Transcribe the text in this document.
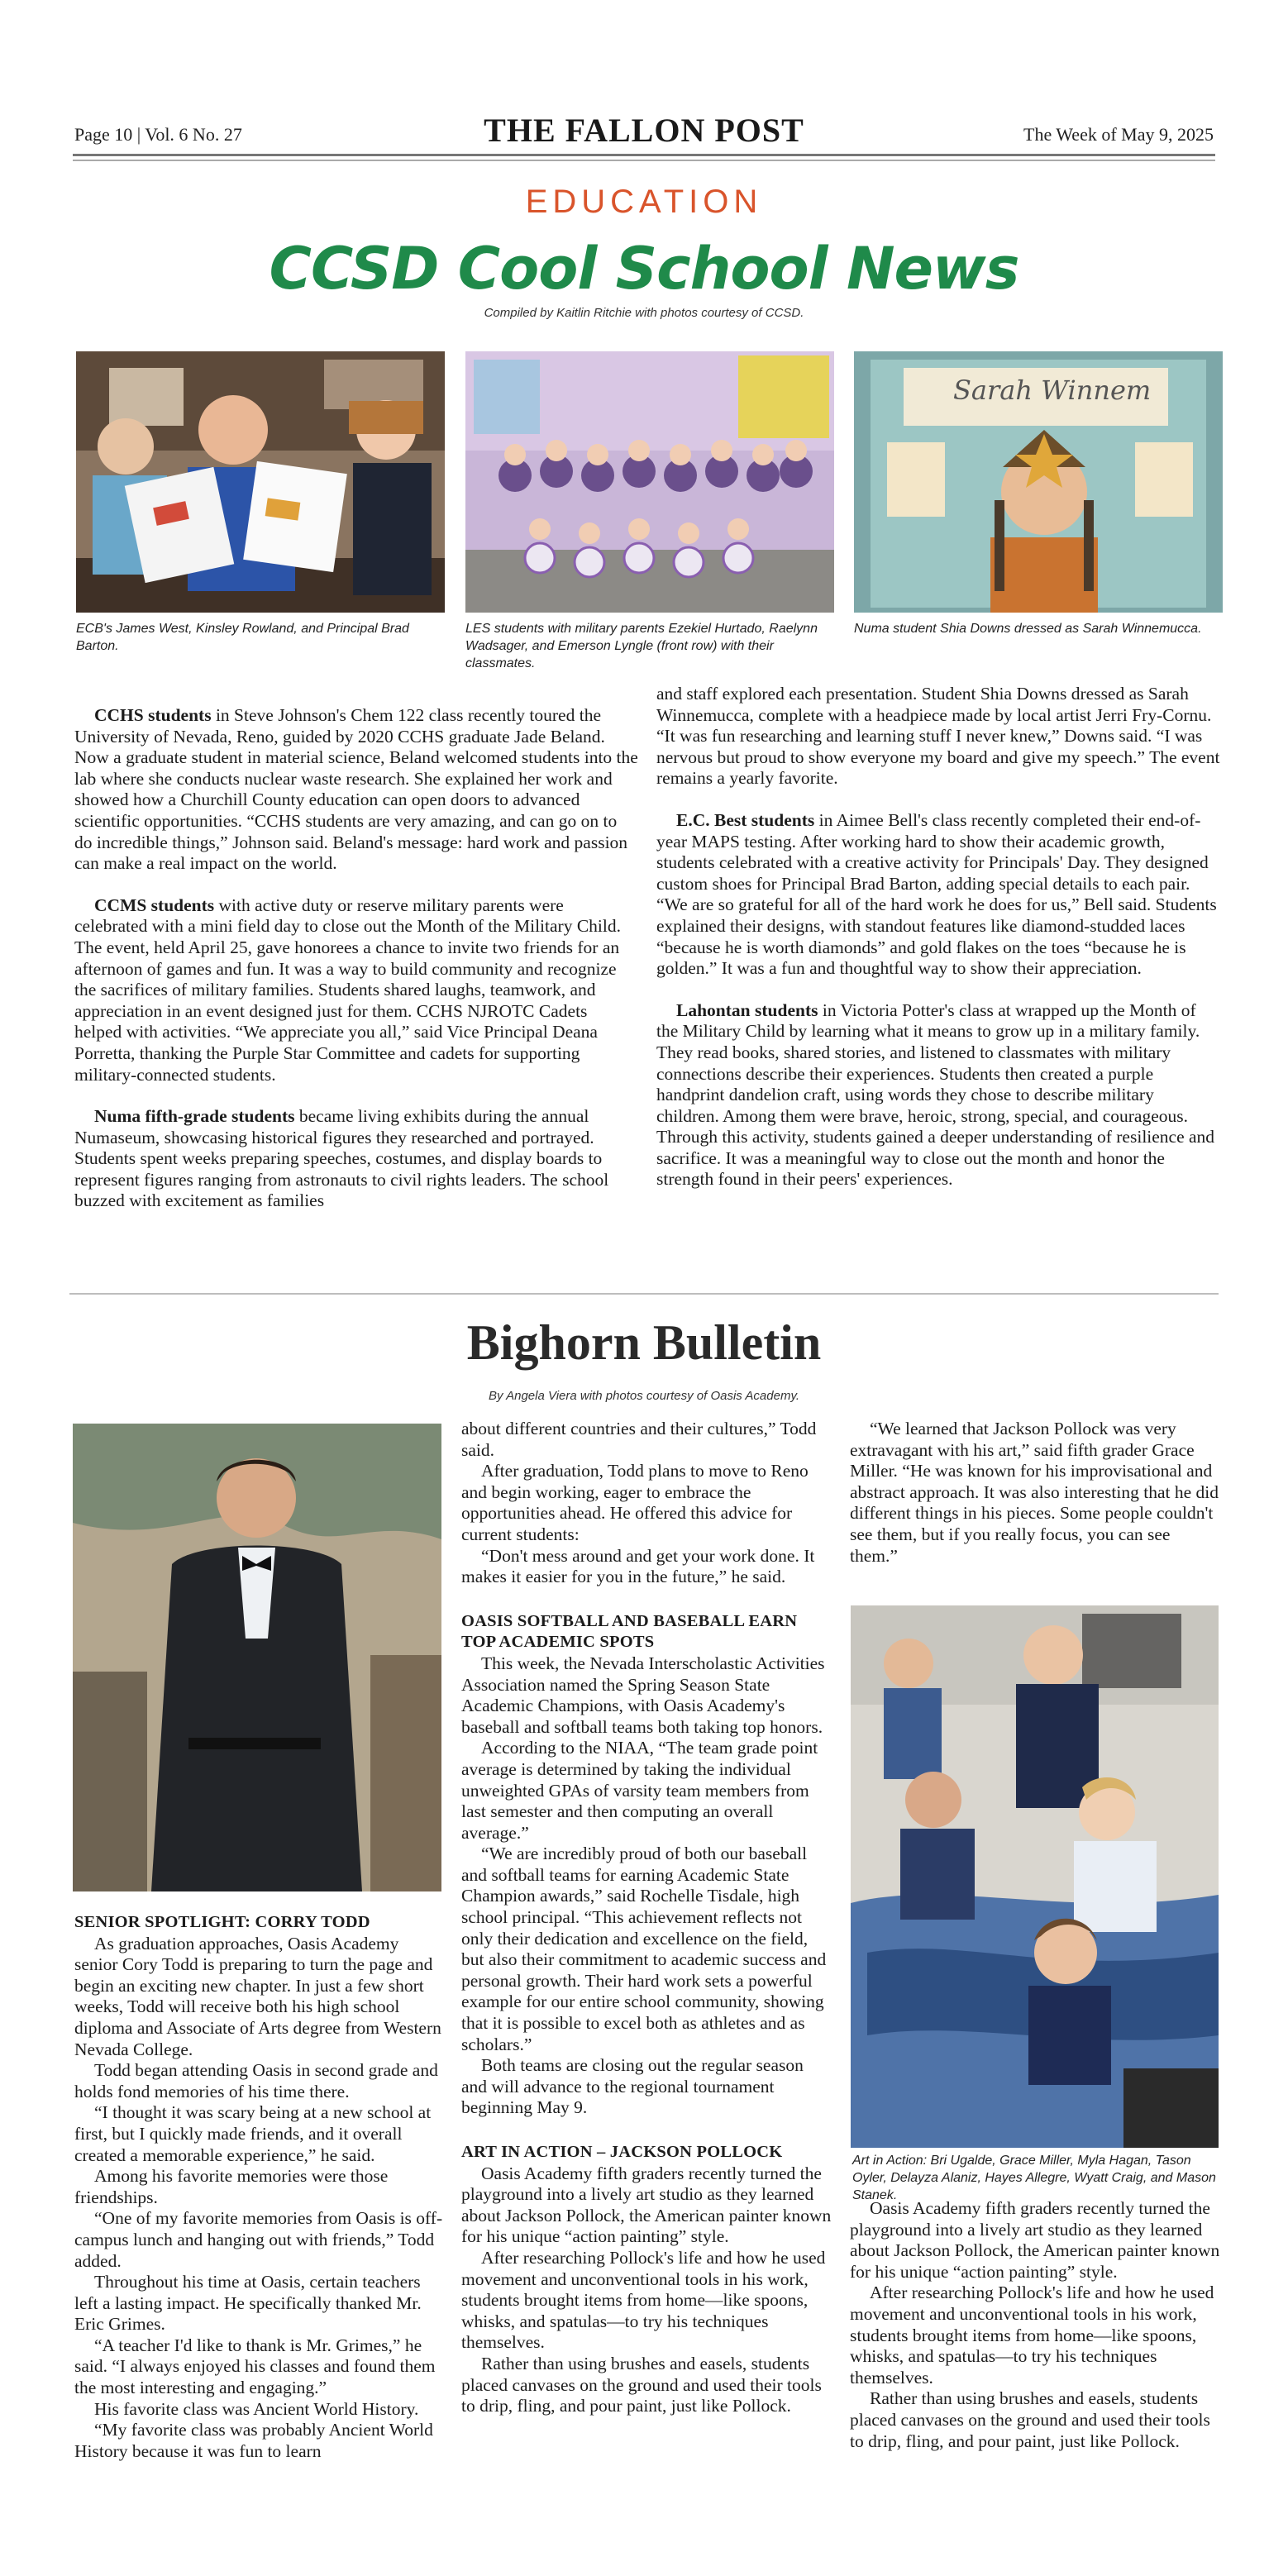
Page 10 | Vol. 6 No. 27	THE FALLON POST	The Week of May 9, 2025
EDUCATION
CCSD Cool School News
Compiled by Kaitlin Ritchie with photos courtesy of CCSD.
Sarah Winnem
ECB's James West, Kinsley Rowland, and Principal Brad Barton.
LES students with military parents Ezekiel Hurtado, Raelynn Wadsager, and Emerson Lyngle (front row) with their classmates.
Numa student Shia Downs dressed as Sarah Winnemucca.

CCHS students in Steve Johnson's Chem 122 class recently toured the University of Nevada, Reno, guided by 2020 CCHS graduate Jade Beland. Now a graduate student in material science, Beland welcomed students into the lab where she conducts nuclear waste research. She explained her work and showed how a Churchill County education can open doors to advanced scientific opportunities. “CCHS students are very amazing, and can go on to do incredible things,” Johnson said. Beland's message: hard work and passion can make a real impact on the world.

CCMS students with active duty or reserve military parents were celebrated with a mini field day to close out the Month of the Military Child. The event, held April 25, gave honorees a chance to invite two friends for an afternoon of games and fun. It was a way to build community and recognize the sacrifices of military families. Students shared laughs, teamwork, and appreciation in an event designed just for them. CCHS NJROTC Cadets helped with activities. “We appreciate you all,” said Vice Principal Deana Porretta, thanking the Purple Star Committee and cadets for supporting military-connected students.

Numa fifth-grade students became living exhibits during the annual Numaseum, showcasing historical figures they researched and portrayed. Students spent weeks preparing speeches, costumes, and display boards to represent figures ranging from astronauts to civil rights leaders. The school buzzed with excitement as families

and staff explored each presentation. Student Shia Downs dressed as Sarah Winnemucca, complete with a headpiece made by local artist Jerri Fry-Cornu. “It was fun researching and learning stuff I never knew,” Downs said. “I was nervous but proud to show everyone my board and give my speech.” The event remains a yearly favorite.

E.C. Best students in Aimee Bell's class recently completed their end-of-year MAPS testing. After working hard to show their academic growth, students celebrated with a creative activity for Principals' Day. They designed custom shoes for Principal Brad Barton, adding special details to each pair. “We are so grateful for all of the hard work he does for us,” Bell said. Students explained their designs, with standout features like diamond-studded laces “because he is worth diamonds” and gold flakes on the toes “because he is golden.” It was a fun and thoughtful way to show their appreciation.

Lahontan students in Victoria Potter's class at wrapped up the Month of the Military Child by learning what it means to grow up in a military family. They read books, shared stories, and listened to classmates with military connections describe their experiences. Students then created a purple handprint dandelion craft, using words they chose to describe military children. Among them were brave, heroic, strong, special, and courageous. Through this activity, students gained a deeper understanding of resilience and sacrifice. It was a meaningful way to close out the month and honor the strength found in their peers' experiences.

Bighorn Bulletin
By Angela Viera with photos courtesy of Oasis Academy.
SENIOR SPOTLIGHT: CORRY TODD

As graduation approaches, Oasis Academy senior Cory Todd is preparing to turn the page and begin an exciting new chapter. In just a few short weeks, Todd will receive both his high school diploma and Associate of Arts degree from Western Nevada College.

Todd began attending Oasis in second grade and holds fond memories of his time there.

“I thought it was scary being at a new school at first, but I quickly made friends, and it overall created a memorable experience,” he said.

Among his favorite memories were those friendships.

“One of my favorite memories from Oasis is off-campus lunch and hanging out with friends,” Todd added.

Throughout his time at Oasis, certain teachers left a lasting impact. He specifically thanked Mr. Eric Grimes.

“A teacher I'd like to thank is Mr. Grimes,” he said. “I always enjoyed his classes and found them the most interesting and engaging.”

His favorite class was Ancient World History.

“My favorite class was probably Ancient World History because it was fun to learn

about different countries and their cultures,” Todd said.

After graduation, Todd plans to move to Reno and begin working, eager to embrace the opportunities ahead. He offered this advice for current students:

“Don't mess around and get your work done. It makes it easier for you in the future,” he said.

OASIS SOFTBALL AND BASEBALL EARN TOP ACADEMIC SPOTS

This week, the Nevada Interscholastic Activities Association named the Spring Season State Academic Champions, with Oasis Academy's baseball and softball teams both taking top honors.

According to the NIAA, “The team grade point average is determined by taking the individual unweighted GPAs of varsity team members from last semester and then computing an overall average.”

“We are incredibly proud of both our baseball and softball teams for earning Academic State Champion awards,” said Rochelle Tisdale, high school principal. “This achievement reflects not only their dedication and excellence on the field, but also their commitment to academic success and personal growth. Their hard work sets a powerful example for our entire school community, showing that it is possible to excel both as athletes and as scholars.”

Both teams are closing out the regular season and will advance to the regional tournament beginning May 9.

ART IN ACTION – JACKSON POLLOCK

Oasis Academy fifth graders recently turned the playground into a lively art studio as they learned about Jackson Pollock, the American painter known for his unique “action painting” style.

After researching Pollock's life and how he used movement and unconventional tools in his work, students brought items from home—like spoons, whisks, and spatulas—to try his techniques themselves.

Rather than using brushes and easels, students placed canvases on the ground and used their tools to drip, fling, and pour paint, just like Pollock.

“We learned that Jackson Pollock was very extravagant with his art,” said fifth grader Grace Miller. “He was known for his improvisational and abstract approach. It was also interesting that he did different things in his pieces. Some people couldn't see them, but if you really focus, you can see them.”

Art in Action: Bri Ugalde, Grace Miller, Myla Hagan, Tason Oyler, Delayza Alaniz, Hayes Allegre, Wyatt Craig, and Mason Stanek.

Oasis Academy fifth graders recently turned the playground into a lively art studio as they learned about Jackson Pollock, the American painter known for his unique “action painting” style.

After researching Pollock's life and how he used movement and unconventional tools in his work, students brought items from home—like spoons, whisks, and spatulas—to try his techniques themselves.

Rather than using brushes and easels, students placed canvases on the ground and used their tools to drip, fling, and pour paint, just like Pollock.
